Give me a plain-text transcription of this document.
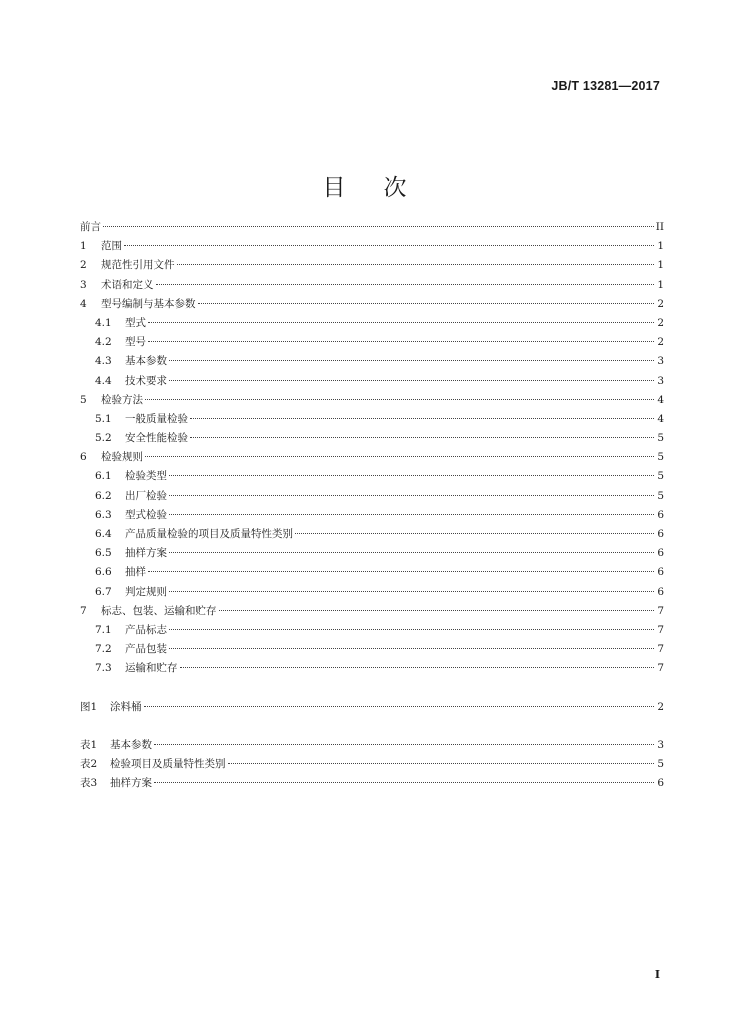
JB/T 13281—2017
目次
前言	II
1	范围	1
2	规范性引用文件	1
3	术语和定义	1
4	型号编制与基本参数	2
4.1	型式	2
4.2	型号	2
4.3	基本参数	3
4.4	技术要求	3
5	检验方法	4
5.1	一般质量检验	4
5.2	安全性能检验	5
6	检验规则	5
6.1	检验类型	5
6.2	出厂检验	5
6.3	型式检验	6
6.4	产品质量检验的项目及质量特性类别	6
6.5	抽样方案	6
6.6	抽样	6
6.7	判定规则	6
7	标志、包装、运输和贮存	7
7.1	产品标志	7
7.2	产品包装	7
7.3	运输和贮存	7
图1	涂料桶	2
表1	基本参数	3
表2	检验项目及质量特性类别	5
表3	抽样方案	6
I
